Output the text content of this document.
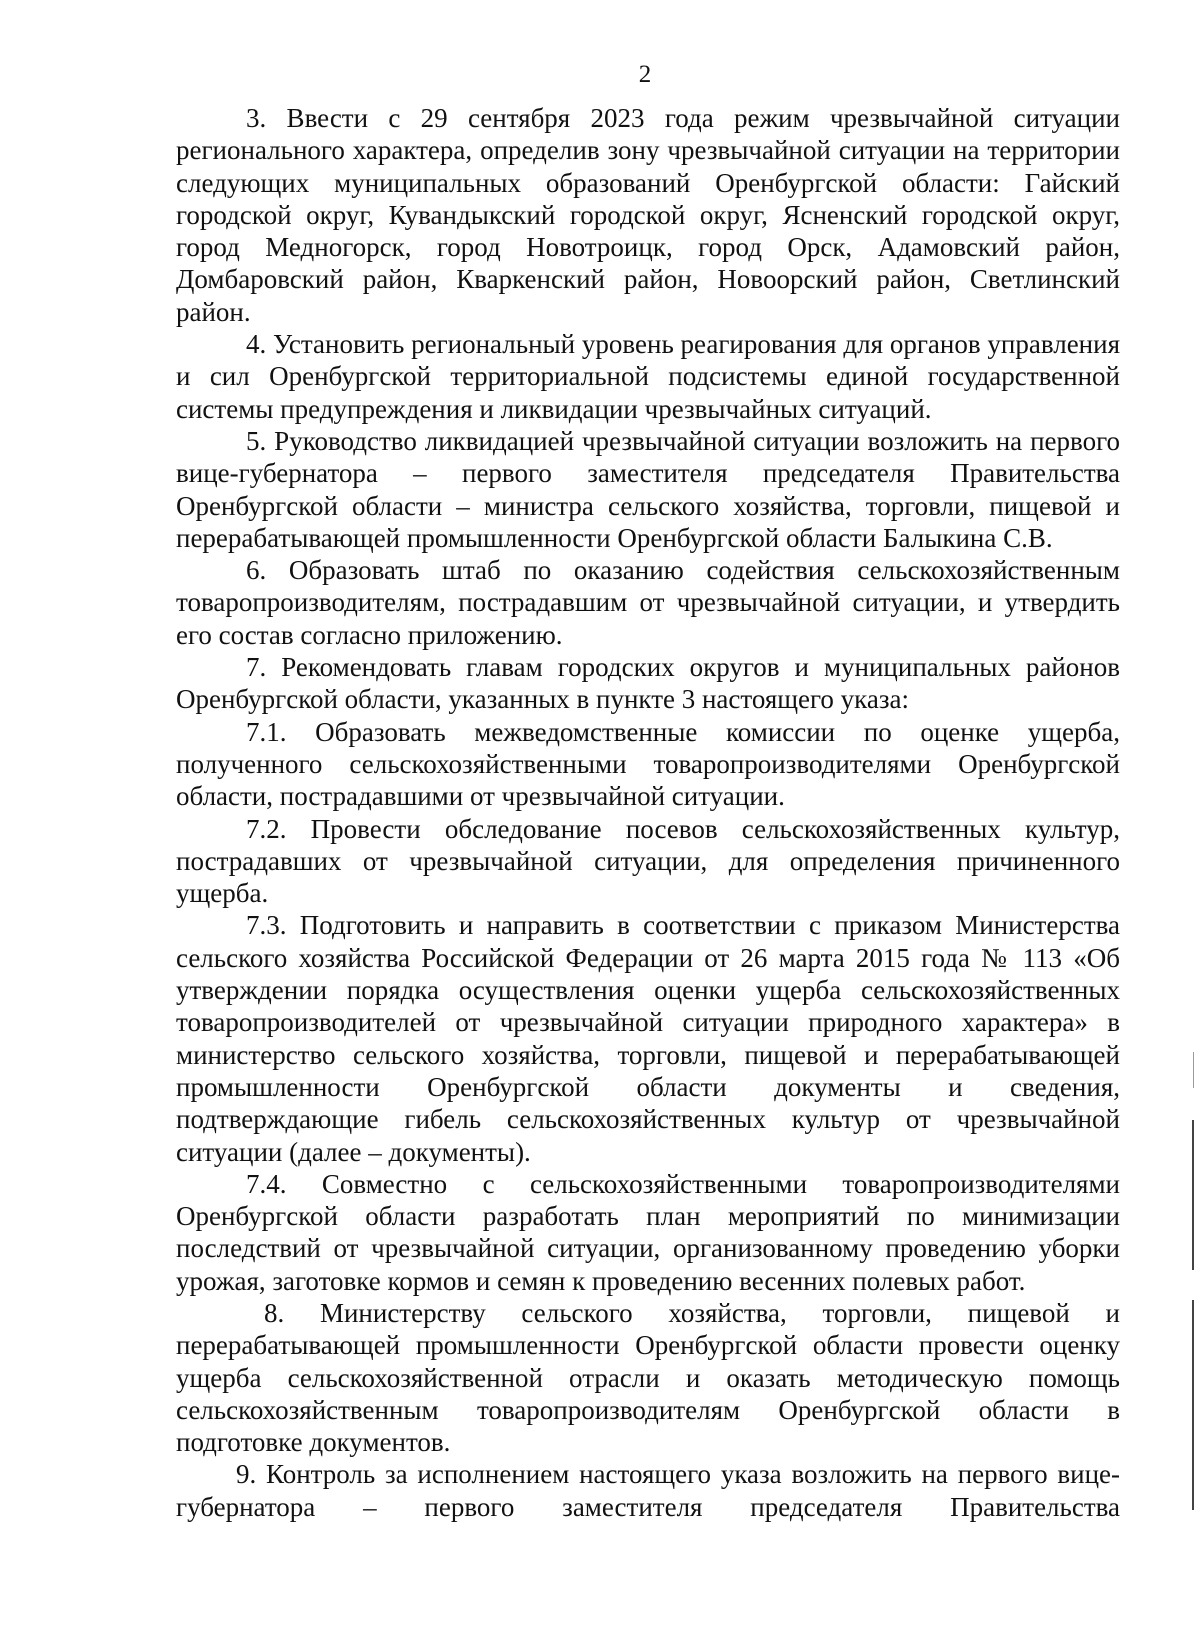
2

3. Ввести с 29 сентября 2023 года режим чрезвычайной ситуации регионального характера, определив зону чрезвычайной ситуации на территории следующих муниципальных образований Оренбургской области: Гайский городской округ, Кувандыкский городской округ, Ясненский городской округ, город Медногорск, город Новотроицк, город Орск, Адамовский район, Домбаровский район, Кваркенский район, Новоорский район, Светлинский район.

4. Установить региональный уровень реагирования для органов управления и сил Оренбургской территориальной подсистемы единой государственной системы предупреждения и ликвидации чрезвычайных ситуаций.

5. Руководство ликвидацией чрезвычайной ситуации возложить на первого вице-губернатора – первого заместителя председателя Правительства Оренбургской области – министра сельского хозяйства, торговли, пищевой и перерабатывающей промышленности Оренбургской области Балыкина С.В.

6. Образовать штаб по оказанию содействия сельскохозяйственным товаропроизводителям, пострадавшим от чрезвычайной ситуации, и утвердить его состав согласно приложению.

7. Рекомендовать главам городских округов и муниципальных районов Оренбургской области, указанных в пункте 3 настоящего указа:

7.1. Образовать межведомственные комиссии по оценке ущерба, полученного сельскохозяйственными товаропроизводителями Оренбургской области, пострадавшими от чрезвычайной ситуации.

7.2. Провести обследование посевов сельскохозяйственных культур, пострадавших от чрезвычайной ситуации, для определения причиненного ущерба.

7.3. Подготовить и направить в соответствии с приказом Министерства сельского хозяйства Российской Федерации от 26 марта 2015 года № 113 «Об утверждении порядка осуществления оценки ущерба сельскохозяйственных товаропроизводителей от чрезвычайной ситуации природного характера» в министерство сельского хозяйства, торговли, пищевой и перерабатывающей промышленности Оренбургской области документы и сведения, подтверждающие гибель сельскохозяйственных культур от чрезвычайной ситуации (далее – документы).

7.4. Совместно с сельскохозяйственными товаропроизводителями Оренбургской области разработать план мероприятий по минимизации последствий от чрезвычайной ситуации, организованному проведению уборки урожая, заготовке кормов и семян к проведению весенних полевых работ.

8. Министерству сельского хозяйства, торговли, пищевой и перерабатывающей промышленности Оренбургской области провести оценку ущерба сельскохозяйственной отрасли и оказать методическую помощь сельскохозяйственным товаропроизводителям Оренбургской области в подготовке документов.

9. Контроль за исполнением настоящего указа возложить на первого вице-губернатора – первого заместителя председателя Правительства
